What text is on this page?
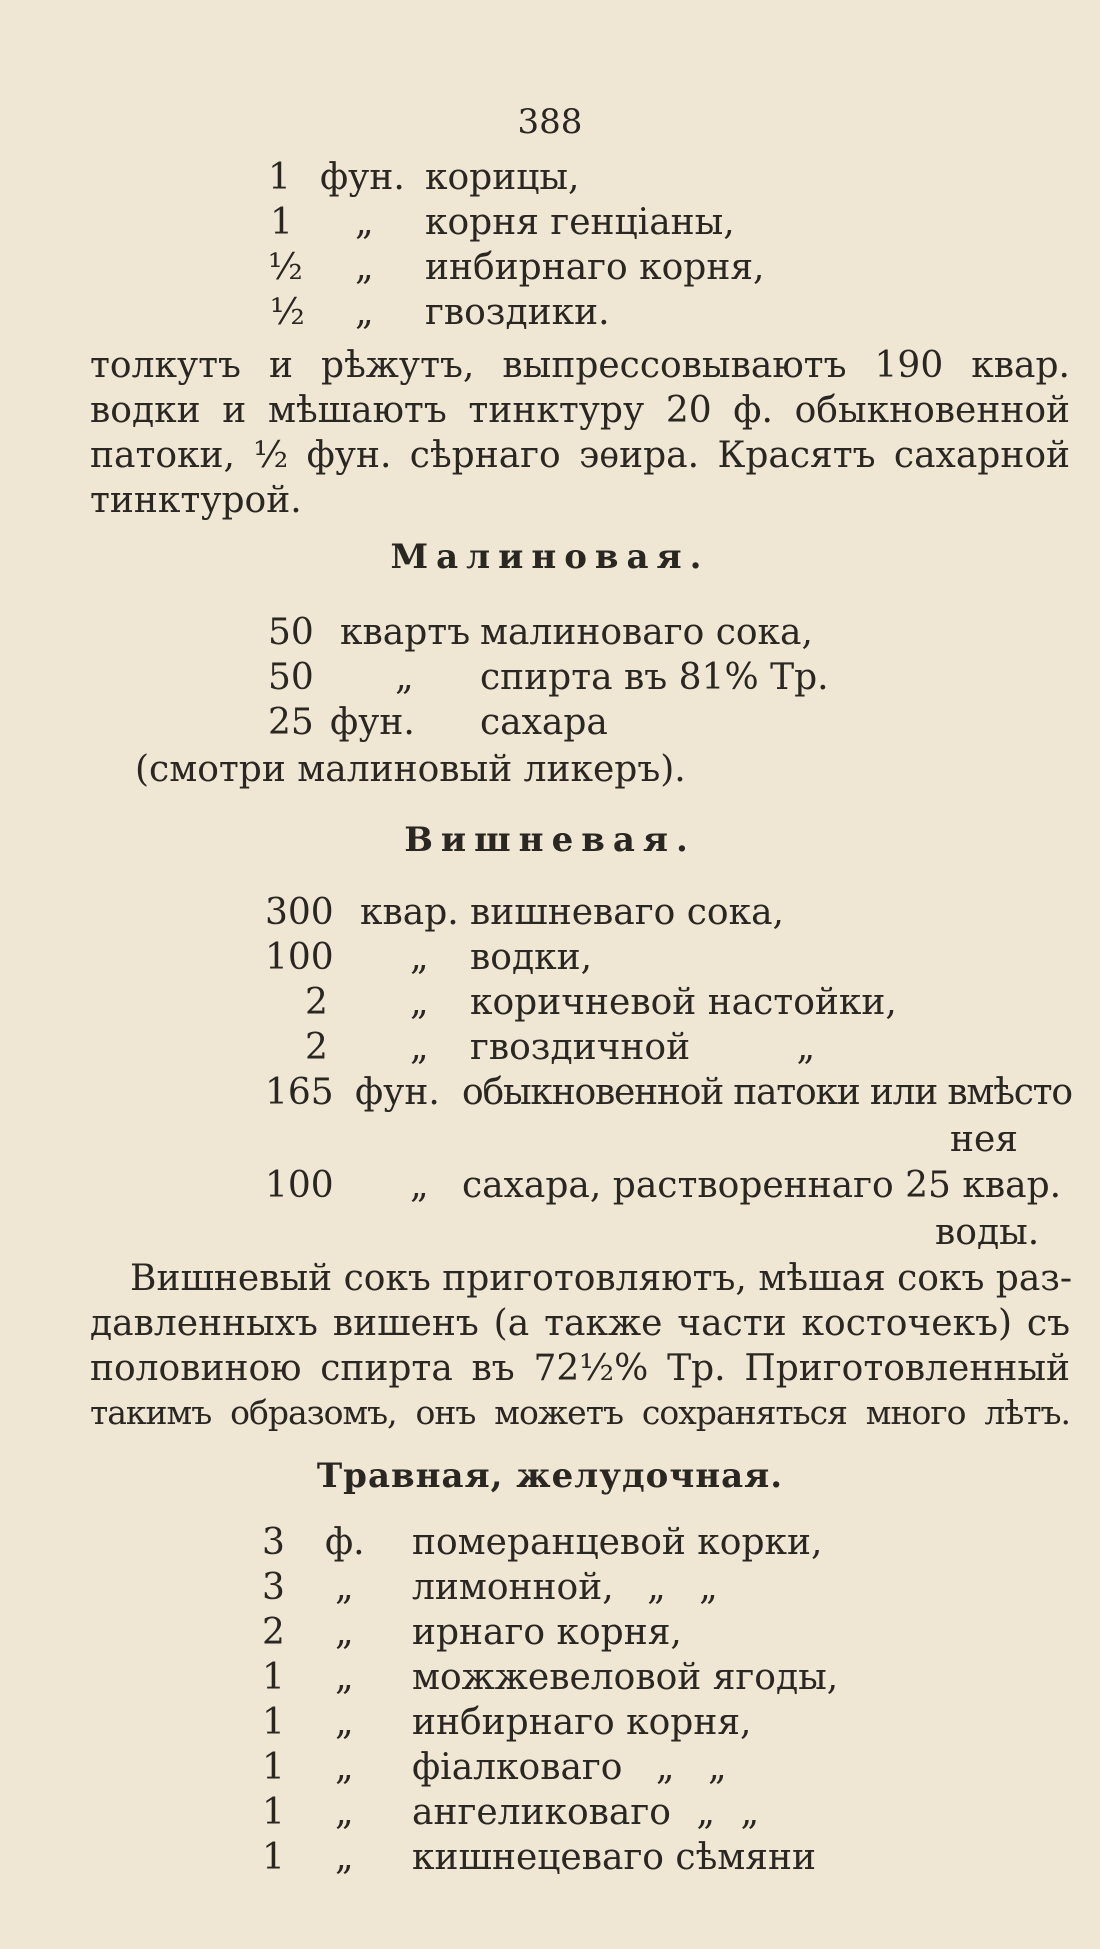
388
1 фун. корицы,
1 „ корня генціаны,
½ „ инбирнаго корня,
½ „ гвоздики.
толкутъ и рѣжутъ, выпрессовываютъ 190 квар.
водки и мѣшаютъ тинктуру 20 ф. обыкновенной
патоки, ½ фун. сѣрнаго эѳира. Красятъ сахарной
тинктурой.
Малиновая.
50 квартъ малиноваго сока,
50 „ спирта въ 81% Тр.
25 фун. сахара
(смотри малиновый ликеръ).
Вишневая.
300 квар. вишневаго сока,
100 „ водки,
2 „ коричневой настойки,
2 „ гвоздичной „
165 фун. обыкновенной патоки или вмѣсто
нея
100 „ сахара, раствореннаго 25 квар.
воды.
Вишневый сокъ приготовляютъ, мѣшая сокъ раз-
давленныхъ вишенъ (а также части косточекъ) съ
половиною спирта въ 72½% Тр. Приготовленный
такимъ образомъ, онъ можетъ сохраняться много лѣтъ.
Травная, желудочная.
3 ф. померанцевой корки,
3 „ лимонной, „ „
2 „ ирнаго корня,
1 „ можжевеловой ягоды,
1 „ инбирнаго корня,
1 „ фіалковаго „ „
1 „ ангеликоваго „ „
1 „ кишнецеваго сѣмяни
